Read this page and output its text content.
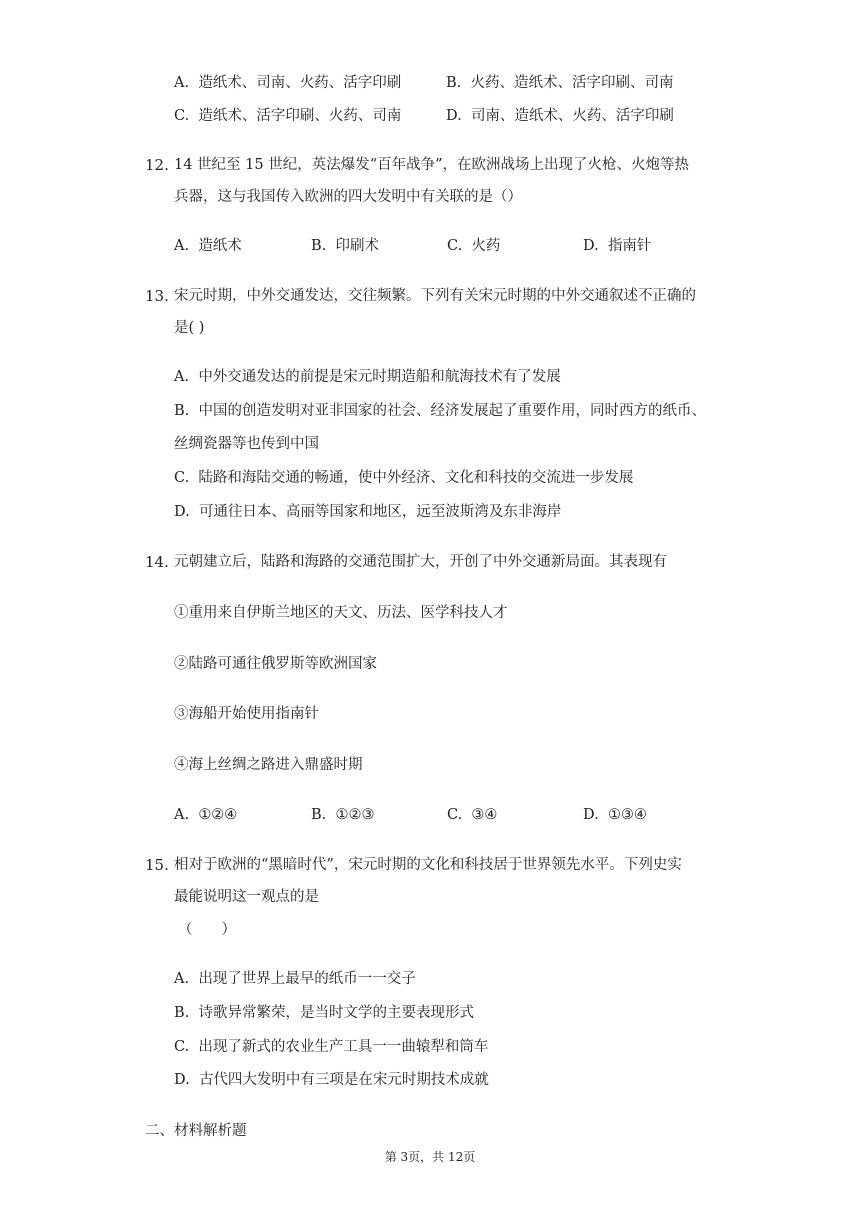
A. 造纸术、司南、火药、活字印刷	B. 火药、造纸术、活字印刷、司南
C. 造纸术、活字印刷、火药、司南	D. 司南、造纸术、火药、活字印刷
12. 14 世纪至 15 世纪，英法爆发“百年战争”，在欧洲战场上出现了火枪、火炮等热
兵器，这与我国传入欧洲的四大发明中有关联的是（）
A. 造纸术	B. 印刷术	C. 火药	D. 指南针
13. 宋元时期，中外交通发达，交往频繁。下列有关宋元时期的中外交通叙述不正确的
是( )
A. 中外交通发达的前提是宋元时期造船和航海技术有了发展
B. 中国的创造发明对亚非国家的社会、经济发展起了重要作用，同时西方的纸币、
丝绸瓷器等也传到中国
C. 陆路和海陆交通的畅通，使中外经济、文化和科技的交流进一步发展
D. 可通往日本、高丽等国家和地区，远至波斯湾及东非海岸
14. 元朝建立后，陆路和海路的交通范围扩大，开创了中外交通新局面。其表现有
①重用来自伊斯兰地区的天文、历法、医学科技人才
②陆路可通往俄罗斯等欧洲国家
③海船开始使用指南针
④海上丝绸之路进入鼎盛时期
A. ①②④	B. ①②③	C. ③④	D. ①③④
15. 相对于欧洲的“黑暗时代”，宋元时期的文化和科技居于世界领先水平。下列史实
最能说明这一观点的是
（　　）
A. 出现了世界上最早的纸币一一交子
B. 诗歌异常繁荣，是当时文学的主要表现形式
C. 出现了新式的农业生产工具一一曲辕犁和筒车
D. 古代四大发明中有三项是在宋元时期技术成就
二、材料解析题
第 3页，共 12页
